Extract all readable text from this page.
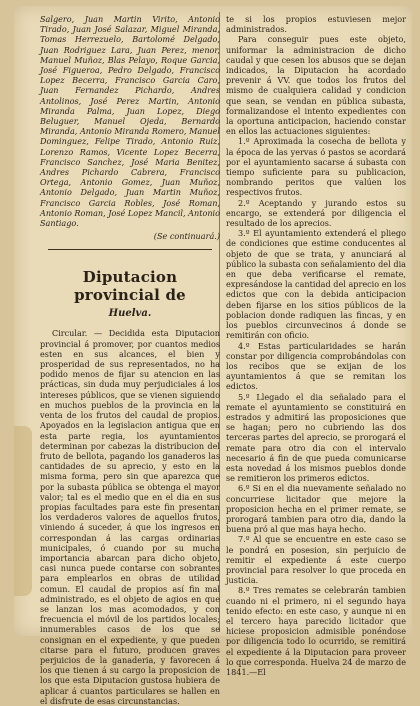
Salgero, Juan Martin Virito, Antonio Tirado, Juan José Salazar, Miguel Miranda, Tomas Herrezuelo, Bartolomé Delgado, Juan Rodriguez Lara, Juan Perez, menor, Manuel Muñoz, Blas Pelayo, Roque Garcia, José Figueroa, Pedro Delgado, Francisco Lopez Becerra, Francisco Garcia Caro, Juan Fernandez Pichardo, Andres Antolinos, José Perez Martin, Antonio Miranda Palma, Juan Lopez, Diego Beluguer, Manuel Ojeda, Bernardo Miranda, Antonio Miranda Romero, Manuel Dominguez, Felipe Tirado, Antonio Ruiz, Lorenzo Ramos, Vicente Lopez Becerra, Francisco Sanchez, José Maria Benitez, Andres Pichardo Cabrera, Francisco Ortega, Antonio Gomez, Juan Muñoz, Antonio Delgado, Juan Martin Muñoz, Francisco Garcia Robles, José Roman, Antonio Roman, José Lopez Mancil, Antonio Santiago.

(Se continuará.)

Diputacion provincial de
Huelva.

Circular. — Decidida esta Diputacion provincial á promover, por cuantos medios esten en sus alcances, el bien y prosperidad de sus representados, no ha podido menos de fijar su atencion en las prácticas, sin duda muy perjudiciales á los intereses públicos, que se vienen siguiendo en muchos pueblos de la provincia en la venta de los frutos del caudal de propios. Apoyados en la legislacion antigua que en esta parte regia, los ayuntamientos determinan por cabezas la distribucion del fruto de bellota, pagando los ganaderos las cantidades de su aprecio, y esto en la misma forma, pero sin que aparezca que por la subasta pública se obtenga el mayor valor; tal es el medio que en el dia en sus propias facultades para este fin presentan los verdaderos valores de aquellos frutos, viniendo á suceder, á que los ingresos en correspondan á las cargas ordinarias municipales, ó cuando por su mucha importancia abarcan para dicho objeto, casi nunca puede contarse con sobrantes para emplearlos en obras de utilidad comun. El caudal de propios así fin mal administrado, es el objeto de agios en que se lanzan los mas acomodados, y con frecuencia el móvil de los partidos locales; innumerables casos de los que se consignan en el expediente, y que pueden citarse para el futuro, producen graves perjuicios de la ganaderia, y favorecen á los que tienen á su cargo la proposicion de los que esta Diputacion gustosa hubiera de aplicar á cuantos particulares se hallen en el disfrute de esas circunstancias.

te si los propios estuviesen mejor administrados.

Para conseguir pues este objeto, uniformar la administracion de dicho caudal y que cesen los abusos que se dejan indicados, la Diputacion ha acordado prevenir á VV. que todos los frutos del mismo de cualquiera calidad y condicion que sean, se vendan en pública subasta, formalizandose el intento expedientes con la oportuna anticipacion, haciendo constar en ellos las actuaciones siguientes:

1.º Aproximada la cosecha de bellota y la época de las yervas ó pastos se acordará por el ayuntamiento sacarse á subasta con tiempo suficiente para su publicacion, nombrando peritos que valúen los respectivos frutos.

2.º Aceptando y jurando estos su encargo, se extenderá por diligencia el resultado de los aprecios.

3.º El ayuntamiento extenderá el pliego de condiciones que estime conducentes al objeto de que se trata, y anunciará al público la subasta con señalamiento del dia en que deba verificarse el remate, expresándose la cantidad del aprecio en los edictos que con la debida anticipacion deben fijarse en los sitios públicos de la poblacion donde radiquen las fincas, y en los pueblos circunvecinos á donde se remitirán con oficio.

4.º Estas particularidades se harán constar por diligencia comprobándolas con los recibos que se exijan de los ayuntamientos á que se remitan los edictos.

5.º Llegado el dia señalado para el remate el ayuntamiento se constituirá en estrados y admitirá las proposiciones que se hagan; pero no cubriendo las dos terceras partes del aprecio, se prorogará el remate para otro dia con el intervalo necesario á fin de que pueda comunicarse esta novedad á los mismos pueblos donde se remitieron los primeros edictos.

6.º Si en el dia nuevamente señalado no concurriese licitador que mejore la proposicion hecha en el primer remate, se prorogará tambien para otro dia, dando la buena pró al que mas haya hecho.

7.º Al que se encuentre en este caso se le pondrá en posesion, sin perjuicio de remitir el expediente á este cuerpo provincial para resolver lo que proceda en justicia.

8.º Tres remates se celebrarán tambien cuando ni el primero, ni el segundo haya tenido efecto: en este caso, y aunque ni en el tercero haya parecido licitador que hiciese proposicion admisible ponéndose por diligencia todo lo ocurrido, se remitirá el expediente á la Diputacion para proveer lo que corresponda. Huelva 24 de marzo de 1841.—El
